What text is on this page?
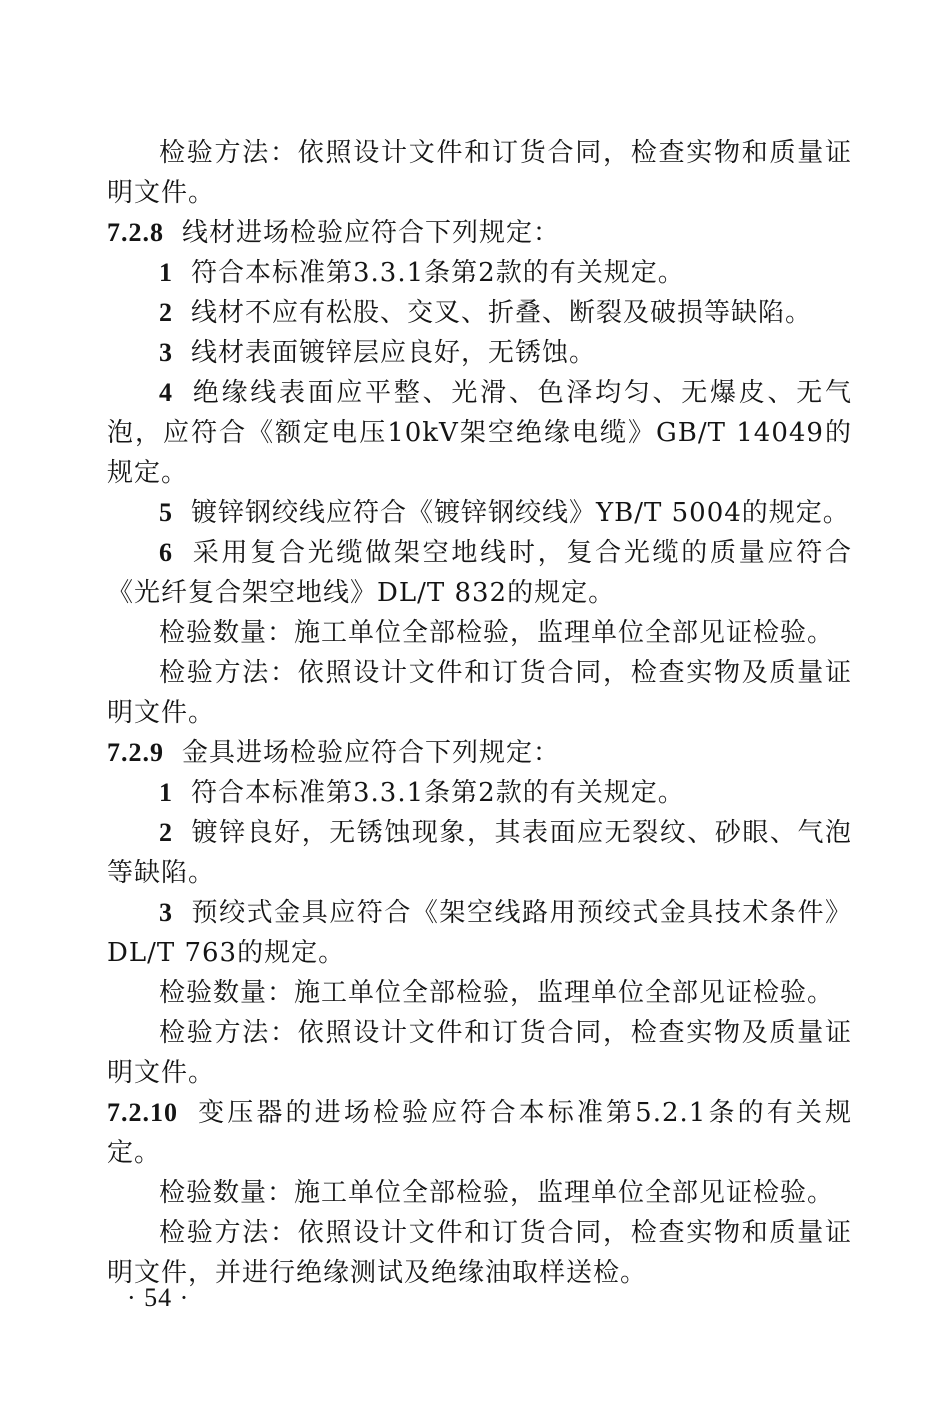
检验方法：依照设计文件和订货合同，检查实物和质量证明文件。

7.2.8 线材进场检验应符合下列规定：

1 符合本标准第3.3.1条第2款的有关规定。

2 线材不应有松股、交叉、折叠、断裂及破损等缺陷。

3 线材表面镀锌层应良好，无锈蚀。

4 绝缘线表面应平整、光滑、色泽均匀、无爆皮、无气泡，应符合《额定电压10kV架空绝缘电缆》GB/T 14049的规定。

5 镀锌钢绞线应符合《镀锌钢绞线》YB/T 5004的规定。

6 采用复合光缆做架空地线时，复合光缆的质量应符合《光纤复合架空地线》DL/T 832的规定。

检验数量：施工单位全部检验，监理单位全部见证检验。

检验方法：依照设计文件和订货合同，检查实物及质量证明文件。

7.2.9 金具进场检验应符合下列规定：

1 符合本标准第3.3.1条第2款的有关规定。

2 镀锌良好，无锈蚀现象，其表面应无裂纹、砂眼、气泡等缺陷。

3 预绞式金具应符合《架空线路用预绞式金具技术条件》DL/T 763的规定。

检验数量：施工单位全部检验，监理单位全部见证检验。

检验方法：依照设计文件和订货合同，检查实物及质量证明文件。

7.2.10 变压器的进场检验应符合本标准第5.2.1条的有关规定。

检验数量：施工单位全部检验，监理单位全部见证检验。

检验方法：依照设计文件和订货合同，检查实物和质量证明文件，并进行绝缘测试及绝缘油取样送检。

· 54 ·
